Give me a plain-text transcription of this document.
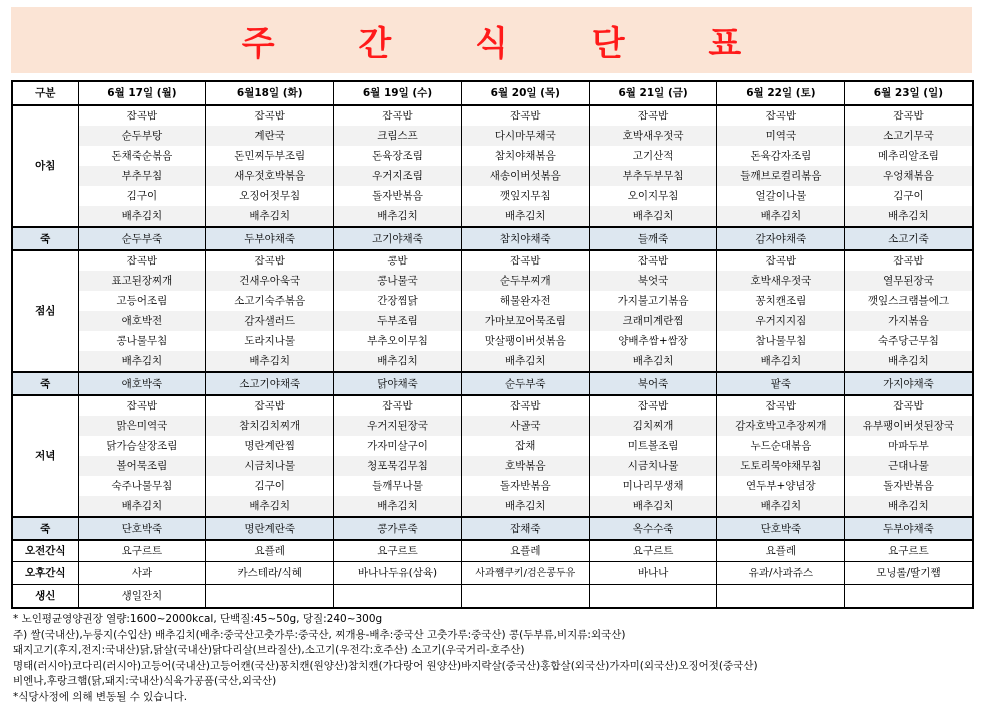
주 간 식 단 표
구분	6월 17일 (월)	6월18일 (화)	6월 19일 (수)	6월 20일 (목)	6월 21일 (금)	6월 22일 (토)	6월 23일 (일)
아침	잡곡밥	잡곡밥	잡곡밥	잡곡밥	잡곡밥	잡곡밥	잡곡밥
	순두부탕	계란국	크림스프	다시마무채국	호박새우젓국	미역국	소고기무국
	돈채죽순볶음	돈민찌두부조림	돈육장조림	참치야채볶음	고기산적	돈육감자조림	메추리알조림
	부추무침	새우젓호박볶음	우거지조림	새송이버섯볶음	부추두부무침	들깨브로컬리볶음	우엉채볶음
	김구이	오징어젓무침	돌자반볶음	깻잎지무침	오이지무침	얼갈이나물	김구이
	배추김치	배추김치	배추김치	배추김치	배추김치	배추김치	배추김치
죽	순두부죽	두부야채죽	고기야채죽	참치야채죽	들깨죽	감자야채죽	소고기죽
점심	잡곡밥	잡곡밥	콩밥	잡곡밥	잡곡밥	잡곡밥	잡곡밥
	표고된장찌개	건새우아욱국	콩나물국	순두부찌개	북엇국	호박새우젓국	열무된장국
	고등어조림	소고기숙주볶음	간장찜닭	해물완자전	가지불고기볶음	꽁치캔조림	깻잎스크램블에그
	애호박전	감자샐러드	두부조림	가마보꼬어묵조림	크래미계란찜	우거지지짐	가지볶음
	콩나물무침	도라지나물	부추오이무침	맛살팽이버섯볶음	양배추쌈+쌈장	참나물무침	숙주당근무침
	배추김치	배추김치	배추김치	배추김치	배추김치	배추김치	배추김치
죽	애호박죽	소고기야채죽	닭야채죽	순두부죽	북어죽	팥죽	가지야채죽
저녁	잡곡밥	잡곡밥	잡곡밥	잡곡밥	잡곡밥	잡곡밥	잡곡밥
	맑은미역국	참치김치찌개	우거지된장국	사골국	김치찌개	감자호박고추장찌개	유부팽이버섯된장국
	닭가슴살장조림	명란계란찜	가자미살구이	잡채	미트볼조림	누드순대볶음	마파두부
	볼어묵조림	시금치나물	청포묵김무침	호박볶음	시금치나물	도토리묵야채무침	근대나물
	숙주나물무침	김구이	들깨무나물	돌자반볶음	미나리무생채	연두부+양념장	돌자반볶음
	배추김치	배추김치	배추김치	배추김치	배추김치	배추김치	배추김치
죽	단호박죽	명란계란죽	콩가루죽	잡채죽	옥수수죽	단호박죽	두부야채죽
오전간식	요구르트	요플레	요구르트	요플레	요구르트	요플레	요구르트
오후간식	사과	카스테라/식혜	바나나두유(삼육)	사과쨈쿠키/검은콩두유	바나나	유과/사과쥬스	모닝롤/딸기쨈
생신	생일잔치						
* 노인평균영양권장 열량:1600~2000kcal, 단백질:45~50g, 당질:240~300g
주) 쌀(국내산),누룽지(수입산) 배추김치(배추:중국산고춧가루:중국산, 찌개용-배추:중국산 고춧가루:중국산) 콩(두부류,비지류:외국산)
돼지고기(후지,전지:국내산)닭,닭살(국내산)닭다리살(브라질산),소고기(우전각:호주산) 소고기(우국거리-호주산)
명태(러시아)코다리(러시아)고등어(국내산)고등어캔(국산)꽁치캔(원양산)참치캔(가다랑어 원양산)바지락살(중국산)홍합살(외국산)가자미(외국산)오징어젓(중국산)
비엔나,후랑크햄(닭,돼지:국내산)식육가공품(국산,외국산)
*식당사정에 의해 변동될 수 있습니다.
